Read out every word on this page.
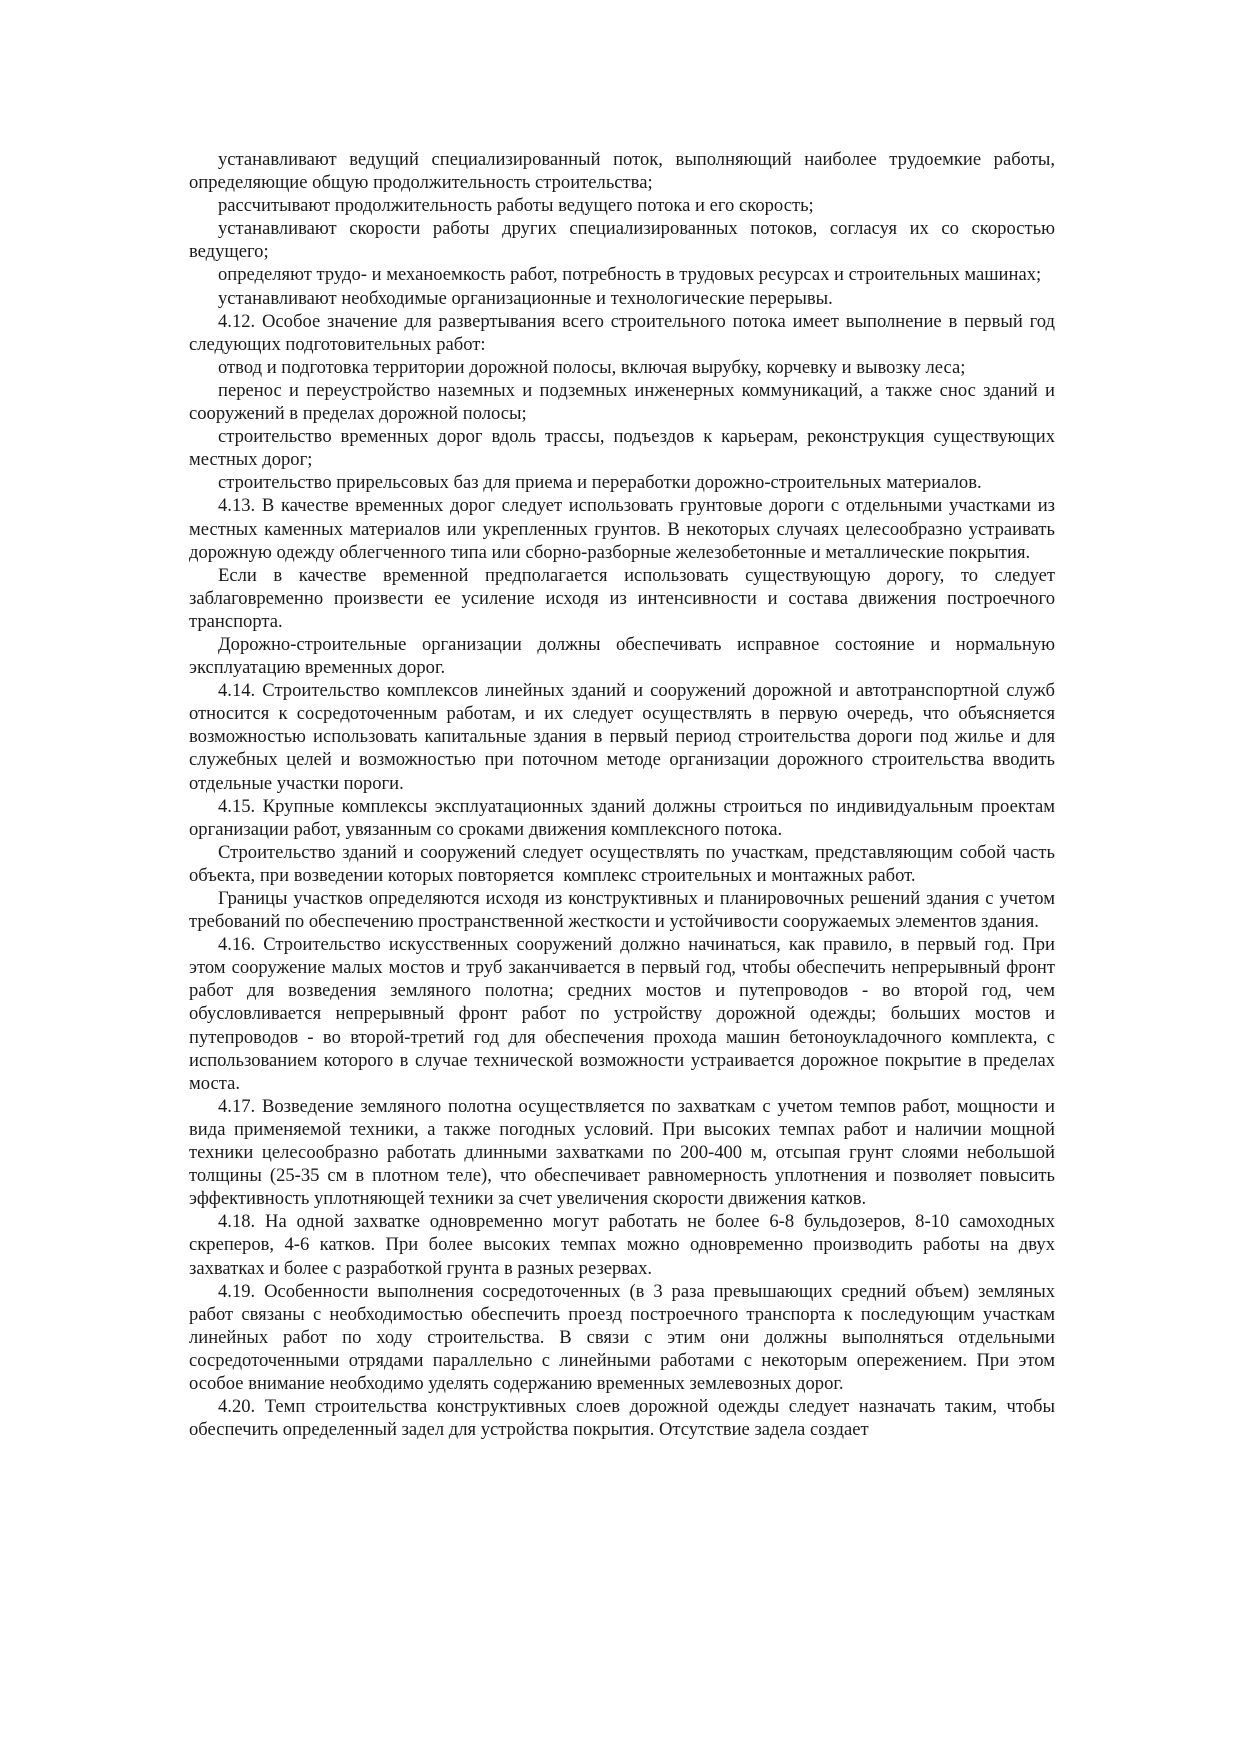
устанавливают ведущий специализированный поток, выполняющий наиболее трудоемкие работы, определяющие общую продолжительность строительства;

рассчитывают продолжительность работы ведущего потока и его скорость;

устанавливают скорости работы других специализированных потоков, согласуя их со скоростью ведущего;

определяют трудо- и механоемкость работ, потребность в трудовых ресурсах и строительных машинах;

устанавливают необходимые организационные и технологические перерывы.

4.12. Особое значение для развертывания всего строительного потока имеет выполнение в первый год следующих подготовительных работ:

отвод и подготовка территории дорожной полосы, включая вырубку, корчевку и вывозку леса;

перенос и переустройство наземных и подземных инженерных коммуникаций, а также снос зданий и сооружений в пределах дорожной полосы;

строительство временных дорог вдоль трассы, подъездов к карьерам, реконструкция существующих местных дорог;

строительство прирельсовых баз для приема и переработки дорожно-строительных материалов.

4.13. В качестве временных дорог следует использовать грунтовые дороги с отдельными участками из местных каменных материалов или укрепленных грунтов. В некоторых случаях целесообразно устраивать дорожную одежду облегченного типа или сборно-разборные железобетонные и металлические покрытия.

Если в качестве временной предполагается использовать существующую дорогу, то следует заблаговременно произвести ее усиление исходя из интенсивности и состава движения построечного транспорта.

Дорожно-строительные организации должны обеспечивать исправное состояние и нормальную эксплуатацию временных дорог.

4.14. Строительство комплексов линейных зданий и сооружений дорожной и автотранспортной служб относится к сосредоточенным работам, и их следует осуществлять в первую очередь, что объясняется возможностью использовать капитальные здания в первый период строительства дороги под жилье и для служебных целей и возможностью при поточном методе организации дорожного строительства вводить отдельные участки пороги.

4.15. Крупные комплексы эксплуатационных зданий должны строиться по индивидуальным проектам организации работ, увязанным со сроками движения комплексного потока.

Строительство зданий и сооружений следует осуществлять по участкам, представляющим собой часть объекта, при возведении которых повторяется  комплекс строительных и монтажных работ.

Границы участков определяются исходя из конструктивных и планировочных решений здания с учетом требований по обеспечению пространственной жесткости и устойчивости сооружаемых элементов здания.

4.16. Строительство искусственных сооружений должно начинаться, как правило, в первый год. При этом сооружение малых мостов и труб заканчивается в первый год, чтобы обеспечить непрерывный фронт работ для возведения земляного полотна; средних мостов и путепроводов - во второй год, чем обусловливается непрерывный фронт работ по устройству дорожной одежды; больших мостов и путепроводов - во второй-третий год для обеспечения прохода машин бетоноукладочного комплекта, с использованием которого в случае технической возможности устраивается дорожное покрытие в пределах моста.

4.17. Возведение земляного полотна осуществляется по захваткам с учетом темпов работ, мощности и вида применяемой техники, а также погодных условий. При высоких темпах работ и наличии мощной техники целесообразно работать длинными захватками по 200-400 м, отсыпая грунт слоями небольшой толщины (25-35 см в плотном теле), что обеспечивает равномерность уплотнения и позволяет повысить эффективность уплотняющей техники за счет увеличения скорости движения катков.

4.18. На одной захватке одновременно могут работать не более 6-8 бульдозеров, 8-10 самоходных скреперов, 4-6 катков. При более высоких темпах можно одновременно производить работы на двух захватках и более с разработкой грунта в разных резервах.

4.19. Особенности выполнения сосредоточенных (в 3 раза превышающих средний объем) земляных работ связаны с необходимостью обеспечить проезд построечного транспорта к последующим участкам линейных работ по ходу строительства. В связи с этим они должны выполняться отдельными сосредоточенными отрядами параллельно с линейными работами с некоторым опережением. При этом особое внимание необходимо уделять содержанию временных землевозных дорог.

4.20. Темп строительства конструктивных слоев дорожной одежды следует назначать таким, чтобы обеспечить определенный задел для устройства покрытия. Отсутствие задела создает
